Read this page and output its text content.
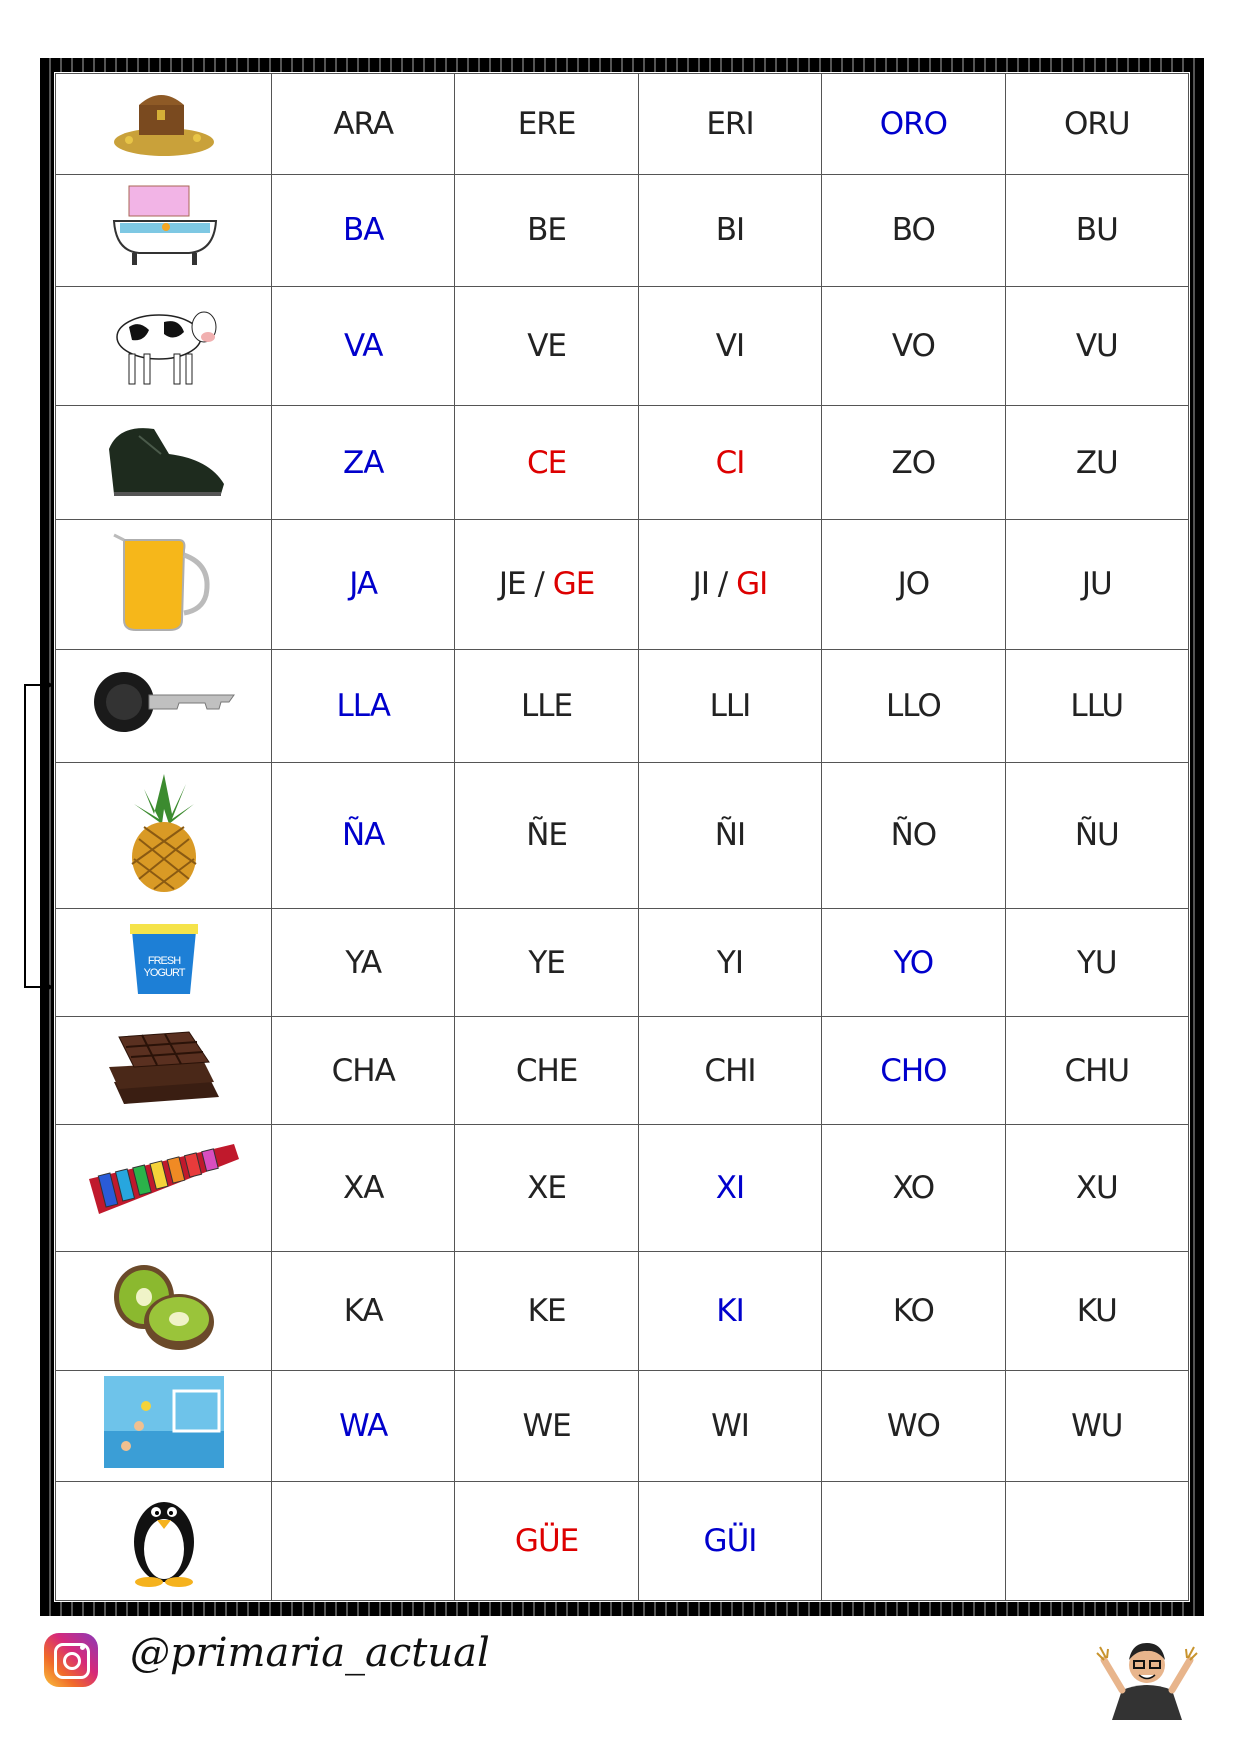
	ARA	ERE	ERI	ORO	ORU
	BA	BE	BI	BO	BU
	VA	VE	VI	VO	VU
	ZA	CE	CI	ZO	ZU
	JA	JE / GE	JI / GI	JO	JU
	LLA	LLE	LLI	LLO	LLU
	ÑA	ÑE	ÑI	ÑO	ÑU

FRESH
YOGURT	YA	YE	YI	YO	YU
	CHA	CHE	CHI	CHO	CHU
	XA	XE	XI	XO	XU
	KA	KE	KI	KO	KU
	WA	WE	WI	WO	WU
		GÜE	GÜI		
@primaria_actual
